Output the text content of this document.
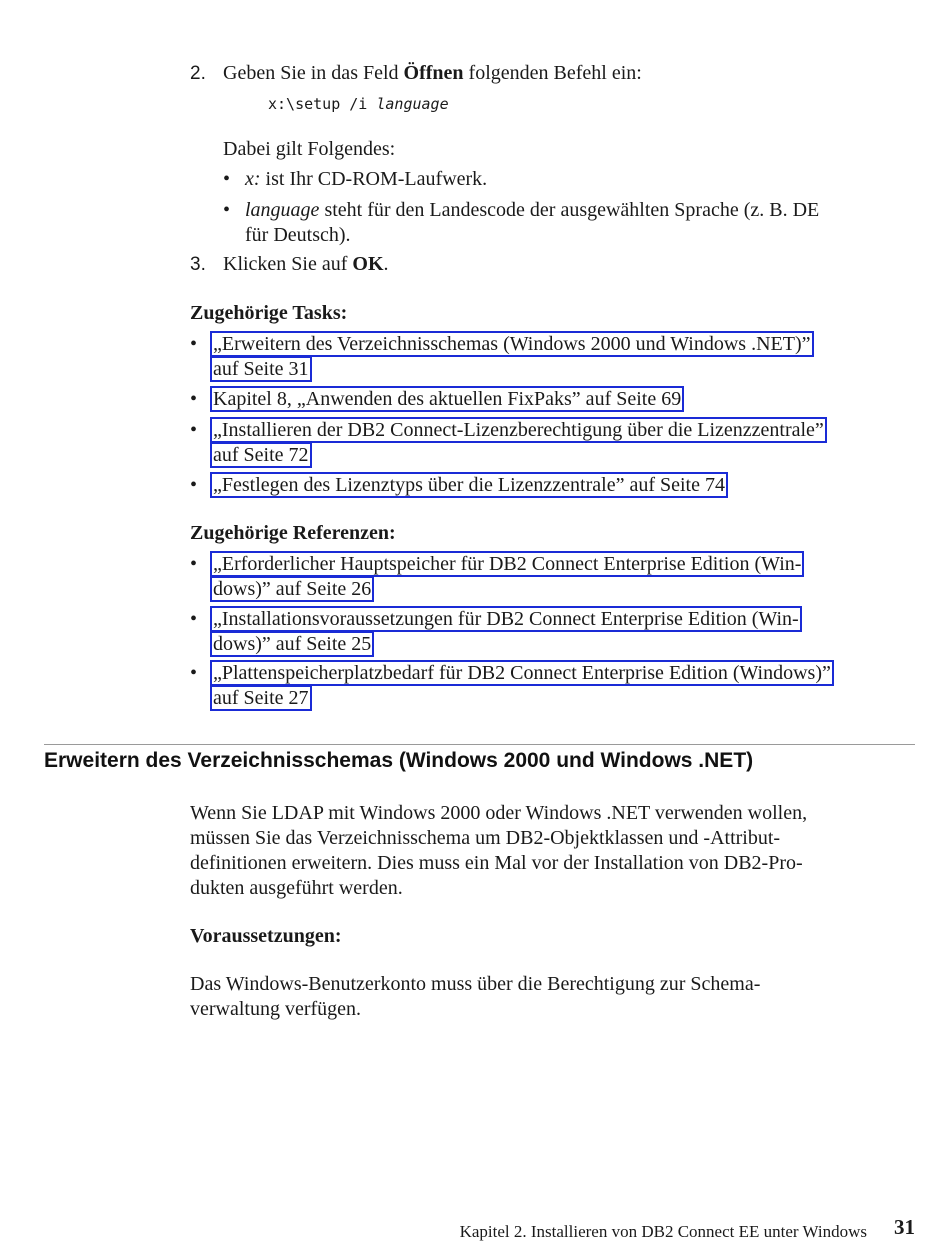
2. Geben Sie in das Feld Öffnen folgenden Befehl ein:
x:\setup /i language
Dabei gilt Folgendes:
• x: ist Ihr CD-ROM-Laufwerk.
• language steht für den Landescode der ausgewählten Sprache (z. B. DE
für Deutsch).
3. Klicken Sie auf OK.
Zugehörige Tasks:
• „Erweitern des Verzeichnisschemas (Windows 2000 und Windows .NET)”
auf Seite 31
• Kapitel 8, „Anwenden des aktuellen FixPaks” auf Seite 69
• „Installieren der DB2 Connect-Lizenzberechtigung über die Lizenzzentrale”
auf Seite 72
• „Festlegen des Lizenztyps über die Lizenzzentrale” auf Seite 74
Zugehörige Referenzen:
• „Erforderlicher Hauptspeicher für DB2 Connect Enterprise Edition (Win-
dows)” auf Seite 26
• „Installationsvoraussetzungen für DB2 Connect Enterprise Edition (Win-
dows)” auf Seite 25
• „Plattenspeicherplatzbedarf für DB2 Connect Enterprise Edition (Windows)”
auf Seite 27
Erweitern des Verzeichnisschemas (Windows 2000 und Windows .NET)
Wenn Sie LDAP mit Windows 2000 oder Windows .NET verwenden wollen,
müssen Sie das Verzeichnisschema um DB2-Objektklassen und -Attribut-
definitionen erweitern. Dies muss ein Mal vor der Installation von DB2-Pro-
dukten ausgeführt werden.
Voraussetzungen:
Das Windows-Benutzerkonto muss über die Berechtigung zur Schema-
verwaltung verfügen.
Kapitel 2. Installieren von DB2 Connect EE unter Windows 31
